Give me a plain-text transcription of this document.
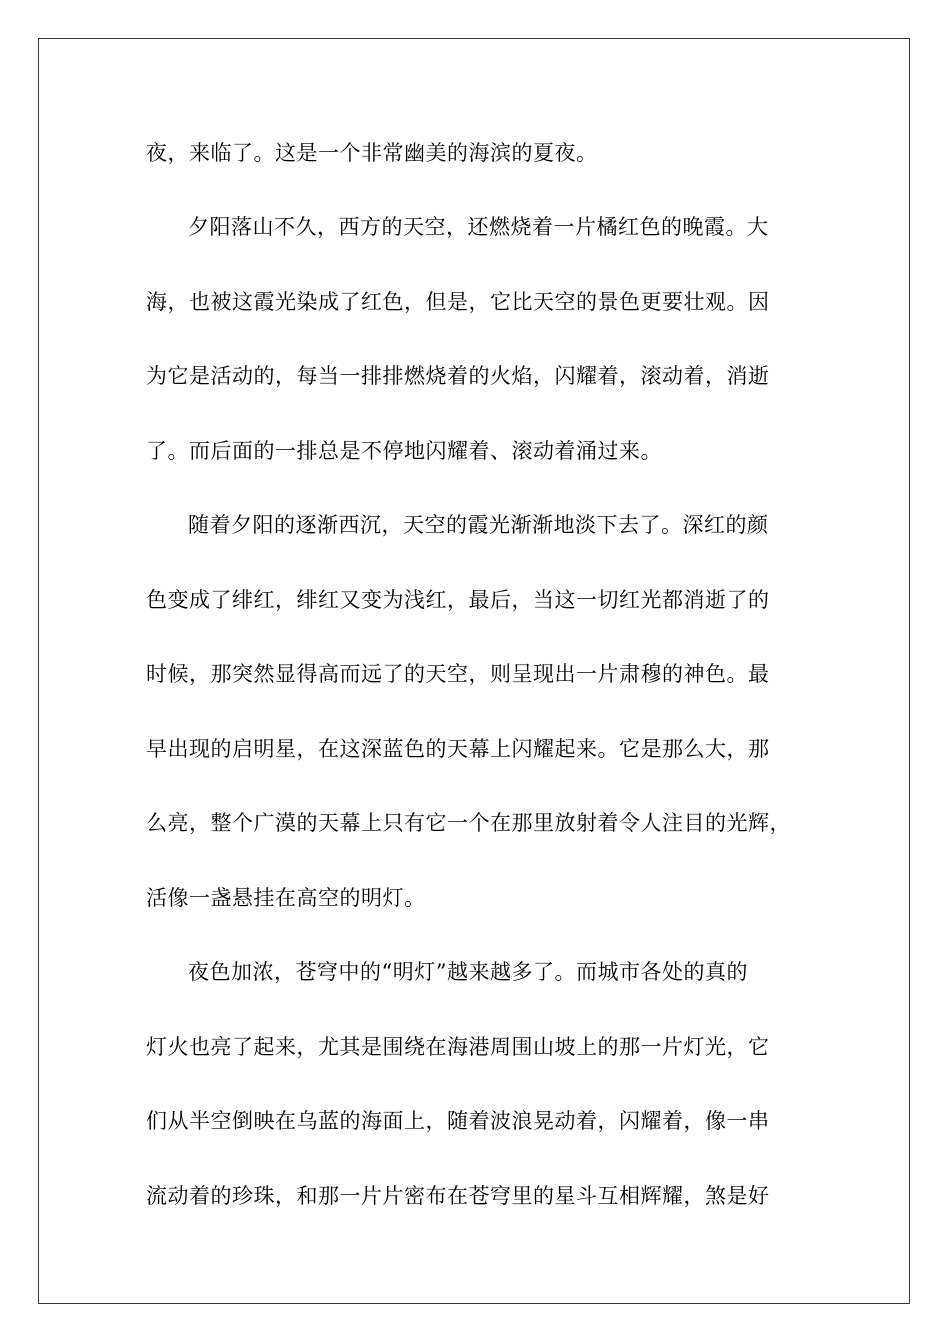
夜，来临了。这是一个非常幽美的海滨的夏夜。
夕阳落山不久，西方的天空，还燃烧着一片橘红色的晚霞。大
海，也被这霞光染成了红色，但是，它比天空的景色更要壮观。因
为它是活动的，每当一排排燃烧着的火焰，闪耀着，滚动着，消逝
了。而后面的一排总是不停地闪耀着、滚动着涌过来。
随着夕阳的逐渐西沉，天空的霞光渐渐地淡下去了。深红的颜
色变成了绯红，绯红又变为浅红，最后，当这一切红光都消逝了的
时候，那突然显得高而远了的天空，则呈现出一片肃穆的神色。最
早出现的启明星，在这深蓝色的天幕上闪耀起来。它是那么大，那
么亮，整个广漠的天幕上只有它一个在那里放射着令人注目的光辉，
活像一盏悬挂在高空的明灯。
夜色加浓，苍穹中的“明灯”越来越多了。而城市各处的真的
灯火也亮了起来，尤其是围绕在海港周围山坡上的那一片灯光，它
们从半空倒映在乌蓝的海面上，随着波浪晃动着，闪耀着，像一串
流动着的珍珠，和那一片片密布在苍穹里的星斗互相辉耀，煞是好
